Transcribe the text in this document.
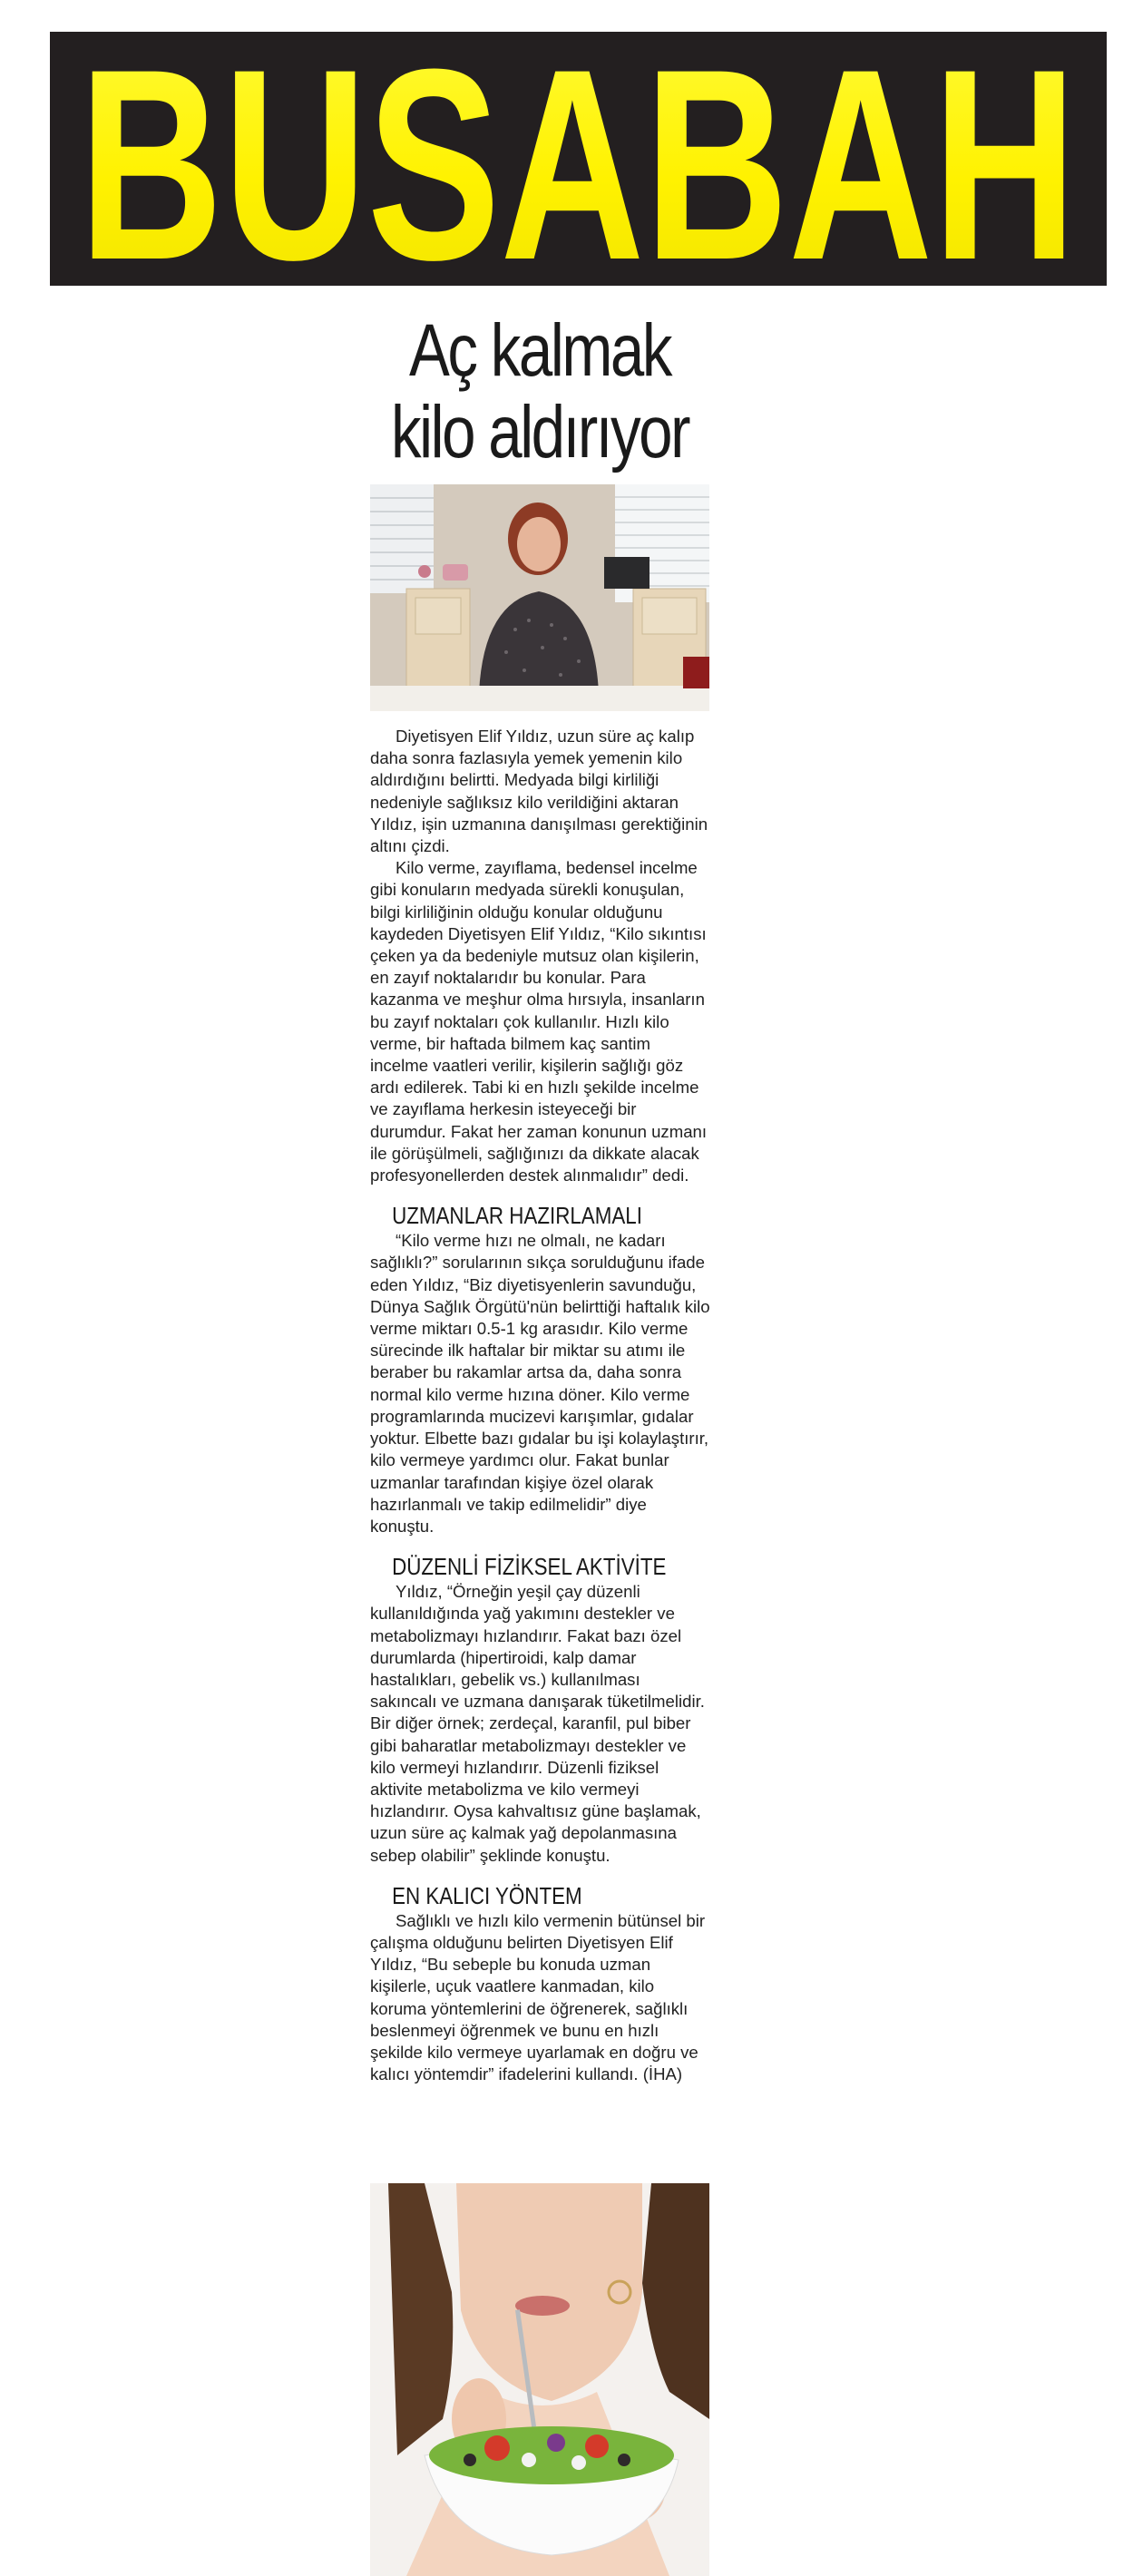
BUSABAH
Aç kalmak
kilo aldırıyor

Diyetisyen Elif Yıldız, uzun süre aç kalıp daha sonra fazlasıyla yemek yemenin kilo aldırdığını belirtti. Medyada bilgi kirliliği nedeniyle sağlıksız kilo verildiğini aktaran Yıldız, işin uzmanına danışılması gerektiğinin altını çizdi.

Kilo verme, zayıflama, bedensel incelme gibi konuların medyada sürekli konuşulan, bilgi kirliliğinin olduğu konular olduğunu kaydeden Diyetisyen Elif Yıldız, “Kilo sıkıntısı çeken ya da bedeniyle mutsuz olan kişilerin, en zayıf noktalarıdır bu konular. Para kazanma ve meşhur olma hırsıyla, insanların bu zayıf noktaları çok kullanılır. Hızlı kilo verme, bir haftada bilmem kaç santim incelme vaatleri verilir, kişilerin sağlığı göz ardı edilerek. Tabi ki en hızlı şekilde incelme ve zayıflama herkesin isteyeceği bir durumdur. Fakat her zaman konunun uzmanı ile görüşülmeli, sağlığınızı da dikkate alacak profesyonellerden destek alınmalıdır” dedi.

UZMANLAR HAZIRLAMALI

“Kilo verme hızı ne olmalı, ne kadarı sağlıklı?” sorularının sıkça sorulduğunu ifade eden Yıldız, “Biz diyetisyenlerin savunduğu, Dünya Sağlık Örgütü'nün belirttiği haftalık kilo verme miktarı 0.5-1 kg arasıdır. Kilo verme sürecinde ilk haftalar bir miktar su atımı ile beraber bu rakamlar artsa da, daha sonra normal kilo verme hızına döner. Kilo verme programlarında mucizevi karışımlar, gıdalar yoktur. Elbette bazı gıdalar bu işi kolaylaştırır, kilo vermeye yardımcı olur. Fakat bunlar uzmanlar tarafından kişiye özel olarak hazırlanmalı ve takip edilmelidir” diye konuştu.

DÜZENLİ FİZİKSEL AKTİVİTE

Yıldız, “Örneğin yeşil çay düzenli kullanıldığında yağ yakımını destekler ve metabolizmayı hızlandırır. Fakat bazı özel durumlarda (hipertiroidi, kalp damar hastalıkları, gebelik vs.) kullanılması sakıncalı ve uzmana danışarak tüketilmelidir. Bir diğer örnek; zerdeçal, karanfil, pul biber gibi baharatlar metabolizmayı destekler ve kilo vermeyi hızlandırır. Düzenli fiziksel aktivite metabolizma ve kilo vermeyi hızlandırır. Oysa kahvaltısız güne başlamak, uzun süre aç kalmak yağ depolanmasına sebep olabilir” şeklinde konuştu.

EN KALICI YÖNTEM

Sağlıklı ve hızlı kilo vermenin bütünsel bir çalışma olduğunu belirten Diyetisyen Elif Yıldız, “Bu sebeple bu konuda uzman kişilerle, uçuk vaatlere kanmadan, kilo koruma yöntemlerini de öğrenerek, sağlıklı beslenmeyi öğrenmek ve bunu en hızlı şekilde kilo vermeye uyarlamak en doğru ve kalıcı yöntemdir” ifadelerini kullandı. (İHA)
